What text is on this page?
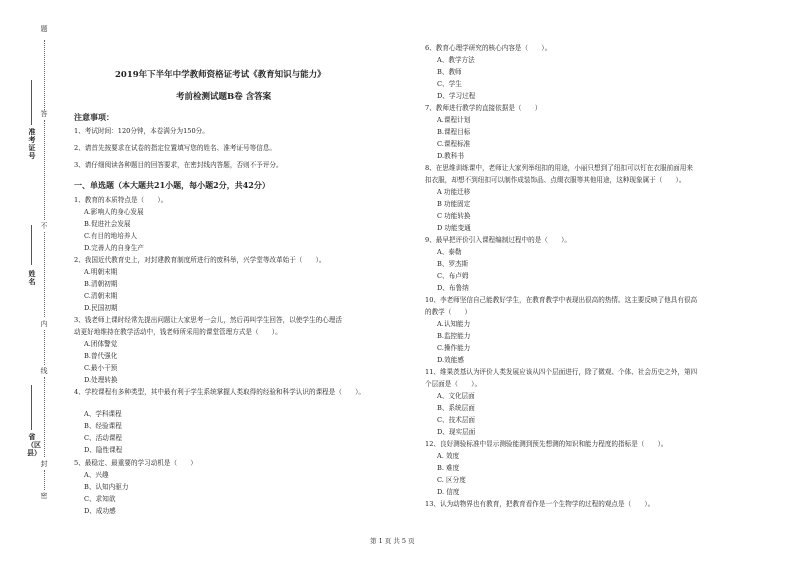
题
答
不
内
线
封
密
准考证号
姓名
省（区县）
2019年下半年中学教师资格证考试《教育知识与能力》
考前检测试题B卷 含答案
注意事项：
1、考试时间：120分钟，本卷满分为150分。
2、请首先按要求在试卷的指定位置填写您的姓名、准考证号等信息。
3、请仔细阅读各种题目的回答要求，在密封线内答题，否则不予评分。
一、单选题（本大题共21小题，每小题2分，共42分）
1、教育的本质特点是（　　）。
A.影响人的身心发展
B.促进社会发展
C.有目的地培养人
D.完善人的自身生产
2、我国近代教育史上，对封建教育制度所进行的废科举，兴学堂等改革始于（　　）。
A.明朝末期
B.清朝初期
C.清朝末期
D.民国初期
3、钱老师上课时经常先提出问题让大家思考一会儿，然后再叫学生回答，以使学生的心理活
动更好地维持在教学活动中，钱老师所采用的课堂管理方式是（　　）。
A.团体警觉
B.曾代强化
C.最小干预
D.处理转换
4、学校课程有多种类型，其中最有利于学生系统掌握人类取得的经验和科学认识的课程是（　　）。
A、学科课程
B、经验课程
C、活动课程
D、隐性课程
5、最稳定、最重要的学习动机是（　　）
A、兴趣
B、认知内驱力
C、求知欲
D、成功感
6、教育心理学研究的核心内容是（　　）。
A、教学方法
B、教师
C、学生
D、学习过程
7、教师进行教学的直接依据是（　　）
A.课程计划
B.课程目标
C.课程标准
D.教科书
8、在思维训练课中，老师让大家列举纽扣的用途，小丽只想到了纽扣可以钉在衣服前面用来
扣衣服，却想不到纽扣可以制作成装饰品、点缀衣服等其他用途，这种现象属于（　　）。
A 功能迁移
B 功能固定
C 功能转换
D 功能变通
9、最早把评价引入课程编制过程中的是（　　）。
A、泰勒
B、罗杰斯
C、布卢姆
D、布鲁纳
10、李老师坚信自己能教好学生，在教育教学中表现出很高的热情。这主要反映了他具有很高
的教学（　　）
A.认知能力
B.监控能力
C.操作能力
D.效能感
11、维果茨基认为评价人类发展应该从四个层面进行，除了微观、个体、社会历史之外，第四
个层面是（　　）。
A、文化层面
B、系统层面
C、技术层面
D、现实层面
12、良好测验标准中显示测验能测到预先想测的知识和能力程度的指标是（　　）。
A. 效度
B. 难度
C. 区分度
D. 信度
13、认为动物界也有教育，把教育看作是一个生物学的过程的观点是（　　）。
第 1 页 共 5 页
